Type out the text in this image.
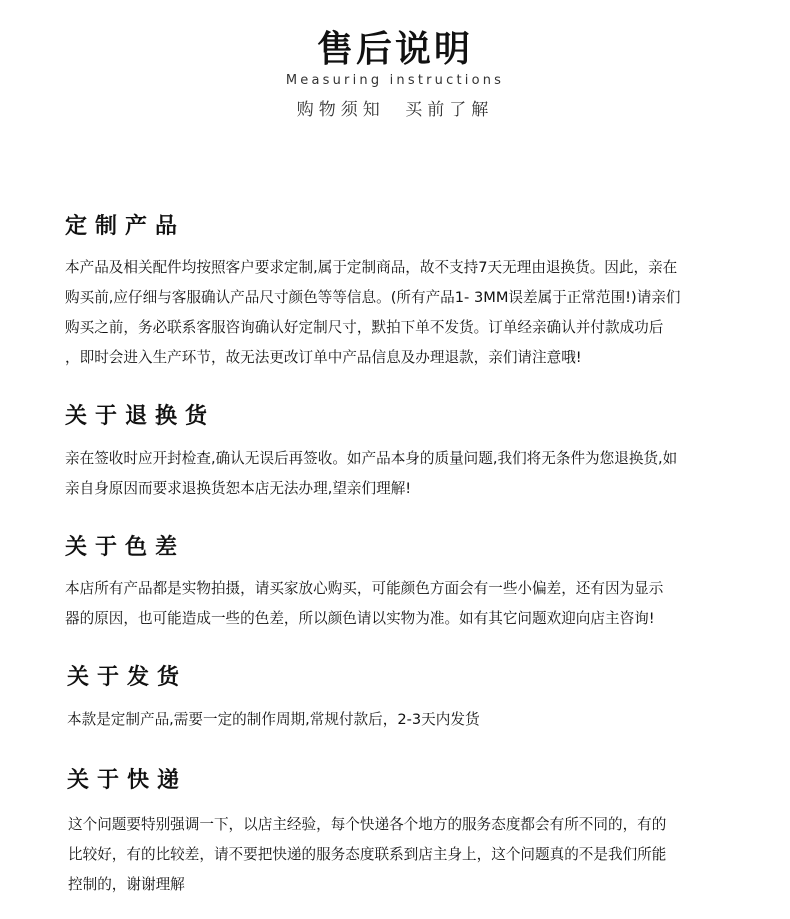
售后说明
Measuring instructions
购物须知 买前了解
定制产品
本产品及相关配件均按照客户要求定制,属于定制商品，故不支持7天无理由退换货。因此，亲在
购买前,应仔细与客服确认产品尺寸颜色等等信息。(所有产品1- 3MM误差属于正常范围!)请亲们
购买之前，务必联系客服咨询确认好定制尺寸，默拍下单不发货。订单经亲确认并付款成功后
，即时会进入生产环节，故无法更改订单中产品信息及办理退款，亲们请注意哦!
关于退换货
亲在签收时应开封检查,确认无误后再签收。如产品本身的质量问题,我们将无条件为您退换货,如
亲自身原因而要求退换货恕本店无法办理,望亲们理解!
关于色差
本店所有产品都是实物拍摄，请买家放心购买，可能颜色方面会有一些小偏差，还有因为显示
器的原因，也可能造成一些的色差，所以颜色请以实物为准。如有其它问题欢迎向店主咨询!
关于发货
本款是定制产品,需要一定的制作周期,常规付款后，2-3天内发货
关于快递
这个问题要特别强调一下，以店主经验，每个快递各个地方的服务态度都会有所不同的，有的
比较好，有的比较差，请不要把快递的服务态度联系到店主身上，这个问题真的不是我们所能
控制的，谢谢理解
